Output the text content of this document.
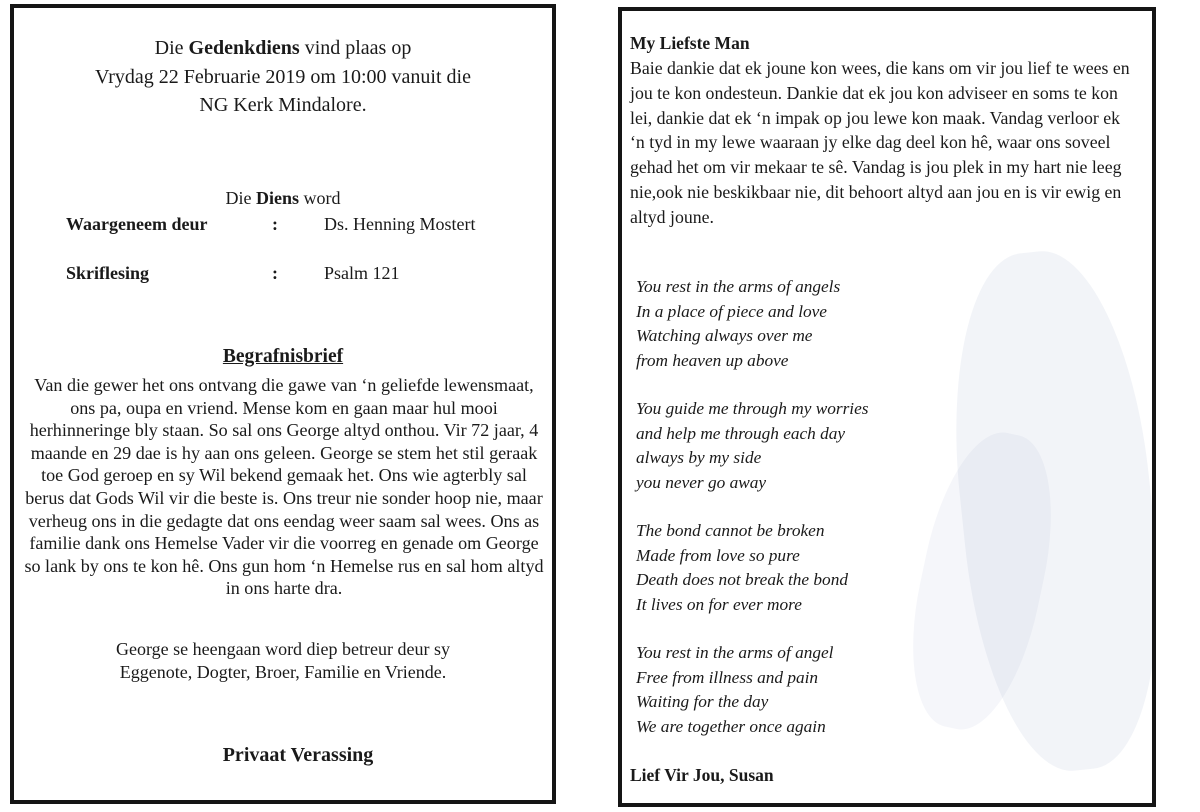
Die Gedenkdiens vind plaas op
Vrydag 22 Februarie 2019 om 10:00 vanuit die
NG Kerk Mindalore.
Die Diens word
Waargeneem deur	:	Ds. Henning Mostert
Skriflesing	:	Psalm 121
Begrafnisbrief
Van die gewer het ons ontvang die gawe van ‘n geliefde lewensmaat, ons pa, oupa en vriend. Mense kom en gaan maar hul mooi herhinneringe bly staan. So sal ons George altyd onthou. Vir 72 jaar, 4 maande en 29 dae is hy aan ons geleen. George se stem het stil geraak toe God geroep en sy Wil bekend gemaak het. Ons wie agterbly sal berus dat Gods Wil vir die beste is. Ons treur nie sonder hoop nie, maar verheug ons in die gedagte dat ons eendag weer saam sal wees. Ons as familie dank ons Hemelse Vader vir die voorreg en genade om George so lank by ons te kon hê. Ons gun hom ‘n Hemelse rus en sal hom altyd in ons harte dra.
George se heengaan word diep betreur deur sy
Eggenote, Dogter, Broer, Familie en Vriende.
Privaat Verassing
My Liefste Man
Baie dankie dat ek joune kon wees, die kans om vir jou lief te wees en jou te kon ondesteun. Dankie dat ek jou kon adviseer en soms te kon lei, dankie dat ek ‘n impak op jou lewe kon maak. Vandag verloor ek ‘n tyd in my lewe waaraan jy elke dag deel kon hê, waar ons soveel gehad het om vir mekaar te sê. Vandag is jou plek in my hart nie leeg nie,ook nie beskikbaar nie, dit behoort altyd aan jou en is vir ewig en altyd joune.
You rest in the arms of angels
In a place of piece and love
Watching always over me
from heaven up above
You guide me through my worries
and help me through each day
always by my side
you never go away
The bond cannot be broken
Made from love so pure
Death does not break the bond
It lives on for ever more
You rest in the arms of angel
Free from illness and pain
Waiting for the day
We are together once again
Lief Vir Jou, Susan
